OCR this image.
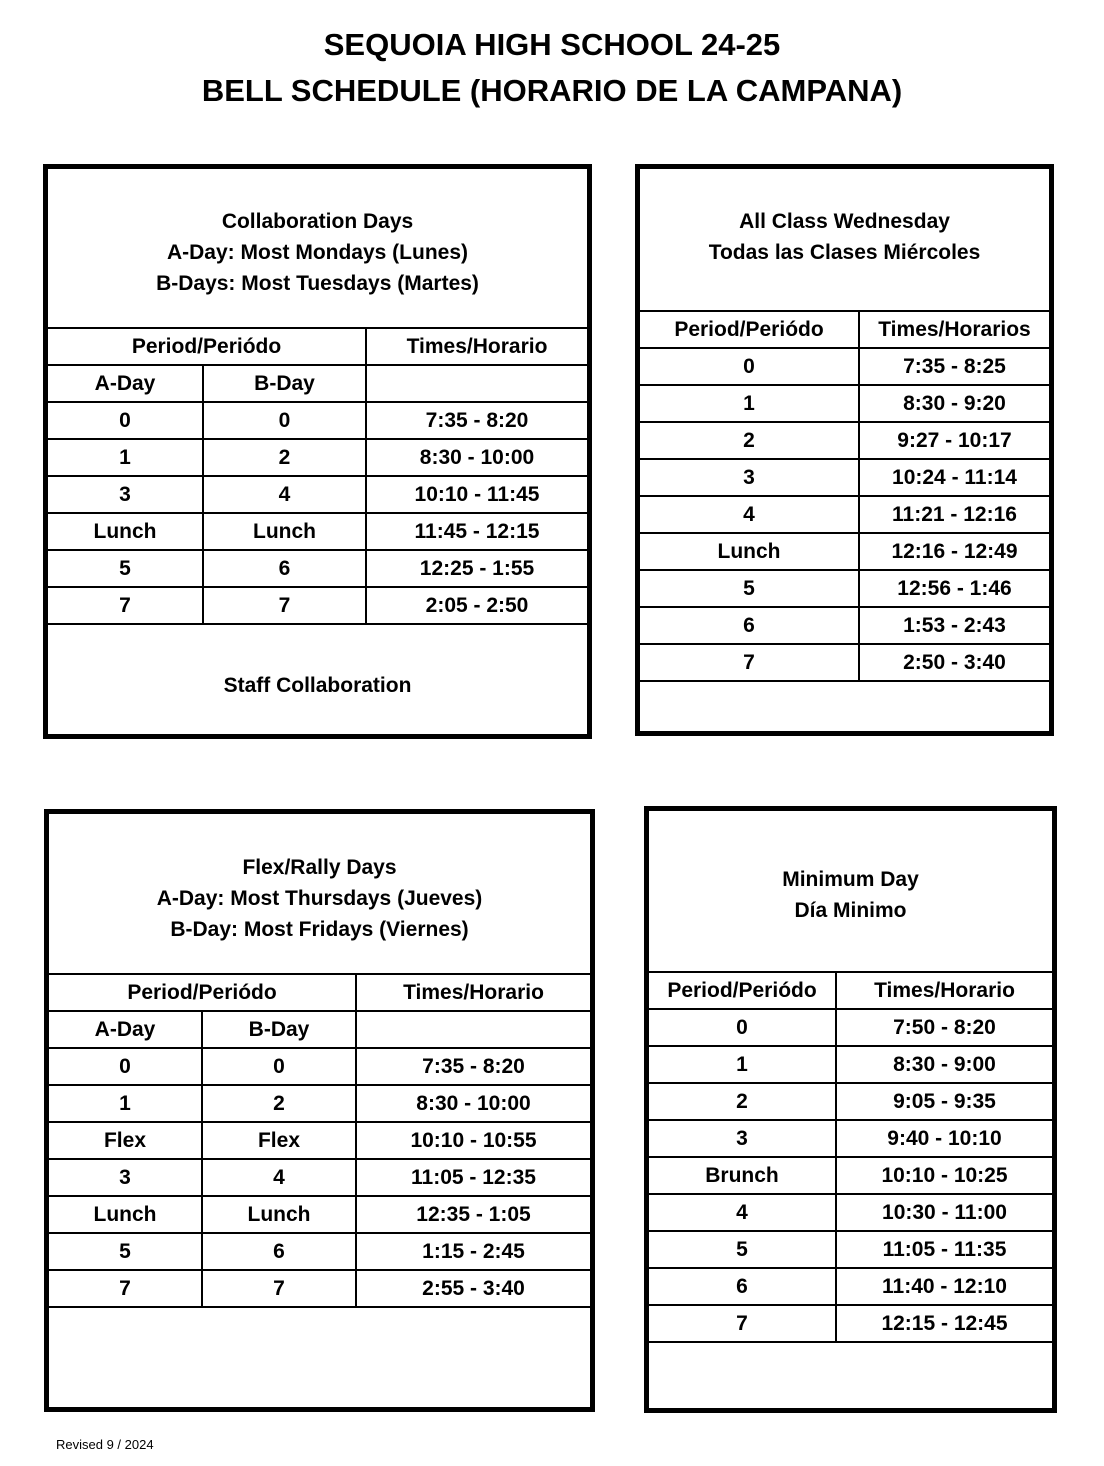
SEQUOIA HIGH SCHOOL 24-25
BELL SCHEDULE (HORARIO DE LA CAMPANA)
Collaboration Days
A-Day: Most Mondays (Lunes)
B-Days: Most Tuesdays (Martes)
Period/Periódo		Times/Horario
A-Day	B-Day	
0	0	7:35 - 8:20
1	2	8:30 - 10:00
3	4	10:10 - 11:45
Lunch	Lunch	11:45 - 12:15
5	6	12:25 - 1:55
7	7	2:05 - 2:50
Staff Collaboration
All Class Wednesday
Todas las Clases Miércoles
Period/Periódo	Times/Horarios
0	7:35 - 8:25
1	8:30 - 9:20
2	9:27 - 10:17
3	10:24 - 11:14
4	11:21 - 12:16
Lunch	12:16 - 12:49
5	12:56 - 1:46
6	1:53 - 2:43
7	2:50 - 3:40

Flex/Rally Days
A-Day: Most Thursdays (Jueves)
B-Day: Most Fridays (Viernes)
Period/Periódo		Times/Horario
A-Day	B-Day	
0	0	7:35 - 8:20
1	2	8:30 - 10:00
Flex	Flex	10:10 - 10:55
3	4	11:05 - 12:35
Lunch	Lunch	12:35 - 1:05
5	6	1:15 - 2:45
7	7	2:55 - 3:40
Minimum Day
Día Minimo
Period/Periódo	Times/Horario
0	7:50 - 8:20
1	8:30 - 9:00
2	9:05 - 9:35
3	9:40 - 10:10
Brunch	10:10 - 10:25
4	10:30 - 11:00
5	11:05 - 11:35
6	11:40 - 12:10
7	12:15 - 12:45

Revised 9 / 2024
